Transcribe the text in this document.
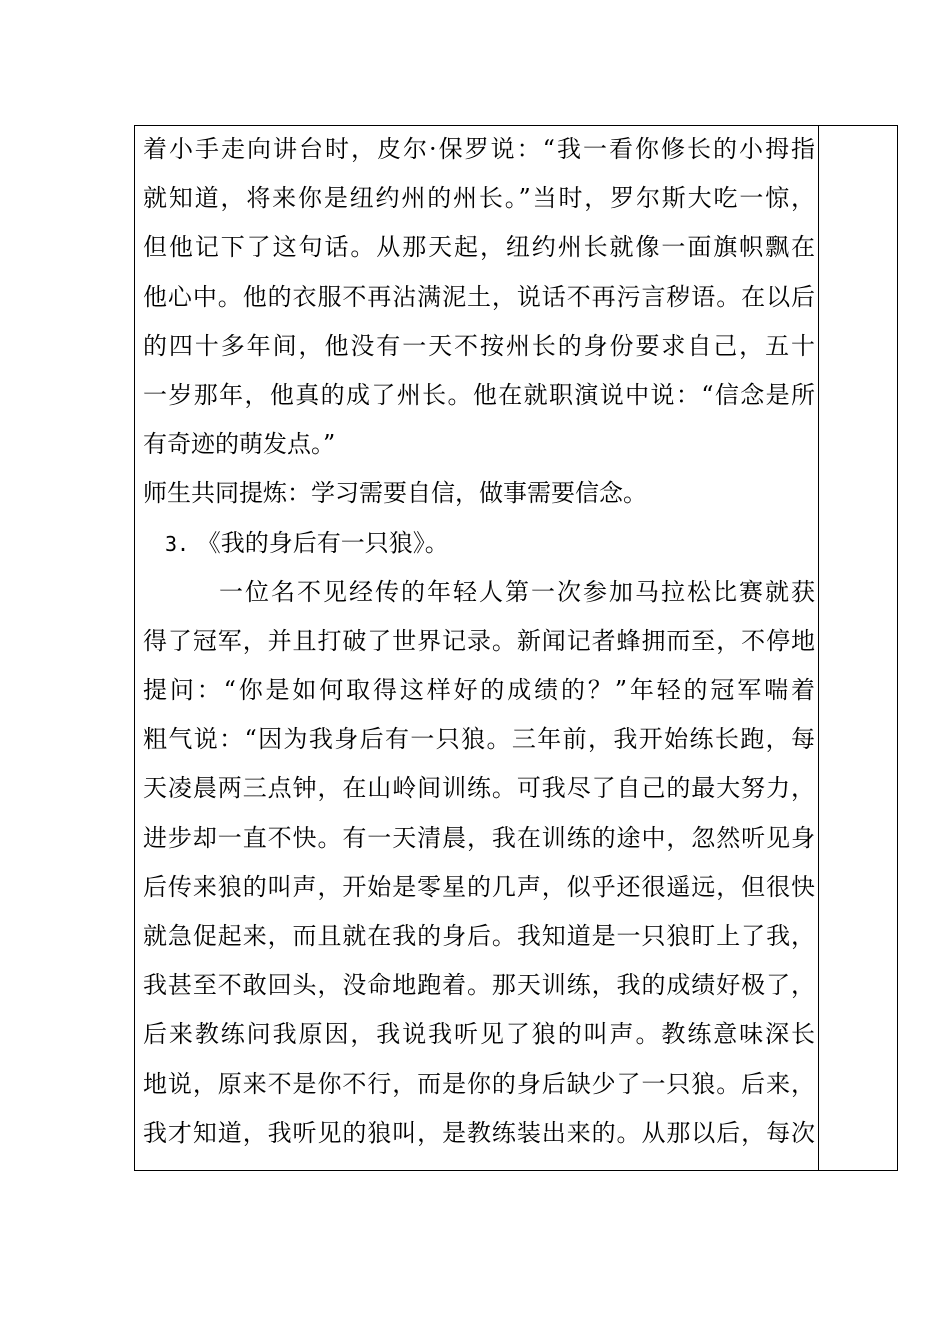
着小手走向讲台时，皮尔·保罗说：“我一看你修长的小拇指
就知道，将来你是纽约州的州长。”当时，罗尔斯大吃一惊，
但他记下了这句话。从那天起，纽约州长就像一面旗帜飘在
他心中。他的衣服不再沾满泥土，说话不再污言秽语。在以后
的四十多年间，他没有一天不按州长的身份要求自己，五十
一岁那年，他真的成了州长。他在就职演说中说：“信念是所
有奇迹的萌发点。”
师生共同提炼：学习需要自信，做事需要信念。
3. 《我的身后有一只狼》。
一位名不见经传的年轻人第一次参加马拉松比赛就获
得了冠军，并且打破了世界记录。新闻记者蜂拥而至，不停地
提问：“你是如何取得这样好的成绩的？”年轻的冠军喘着
粗气说：“因为我身后有一只狼。三年前，我开始练长跑，每
天凌晨两三点钟，在山岭间训练。可我尽了自己的最大努力，
进步却一直不快。有一天清晨，我在训练的途中，忽然听见身
后传来狼的叫声，开始是零星的几声，似乎还很遥远，但很快
就急促起来，而且就在我的身后。我知道是一只狼盯上了我，
我甚至不敢回头，没命地跑着。那天训练，我的成绩好极了，
后来教练问我原因，我说我听见了狼的叫声。教练意味深长
地说，原来不是你不行，而是你的身后缺少了一只狼。后来，
我才知道，我听见的狼叫，是教练装出来的。从那以后，每次
